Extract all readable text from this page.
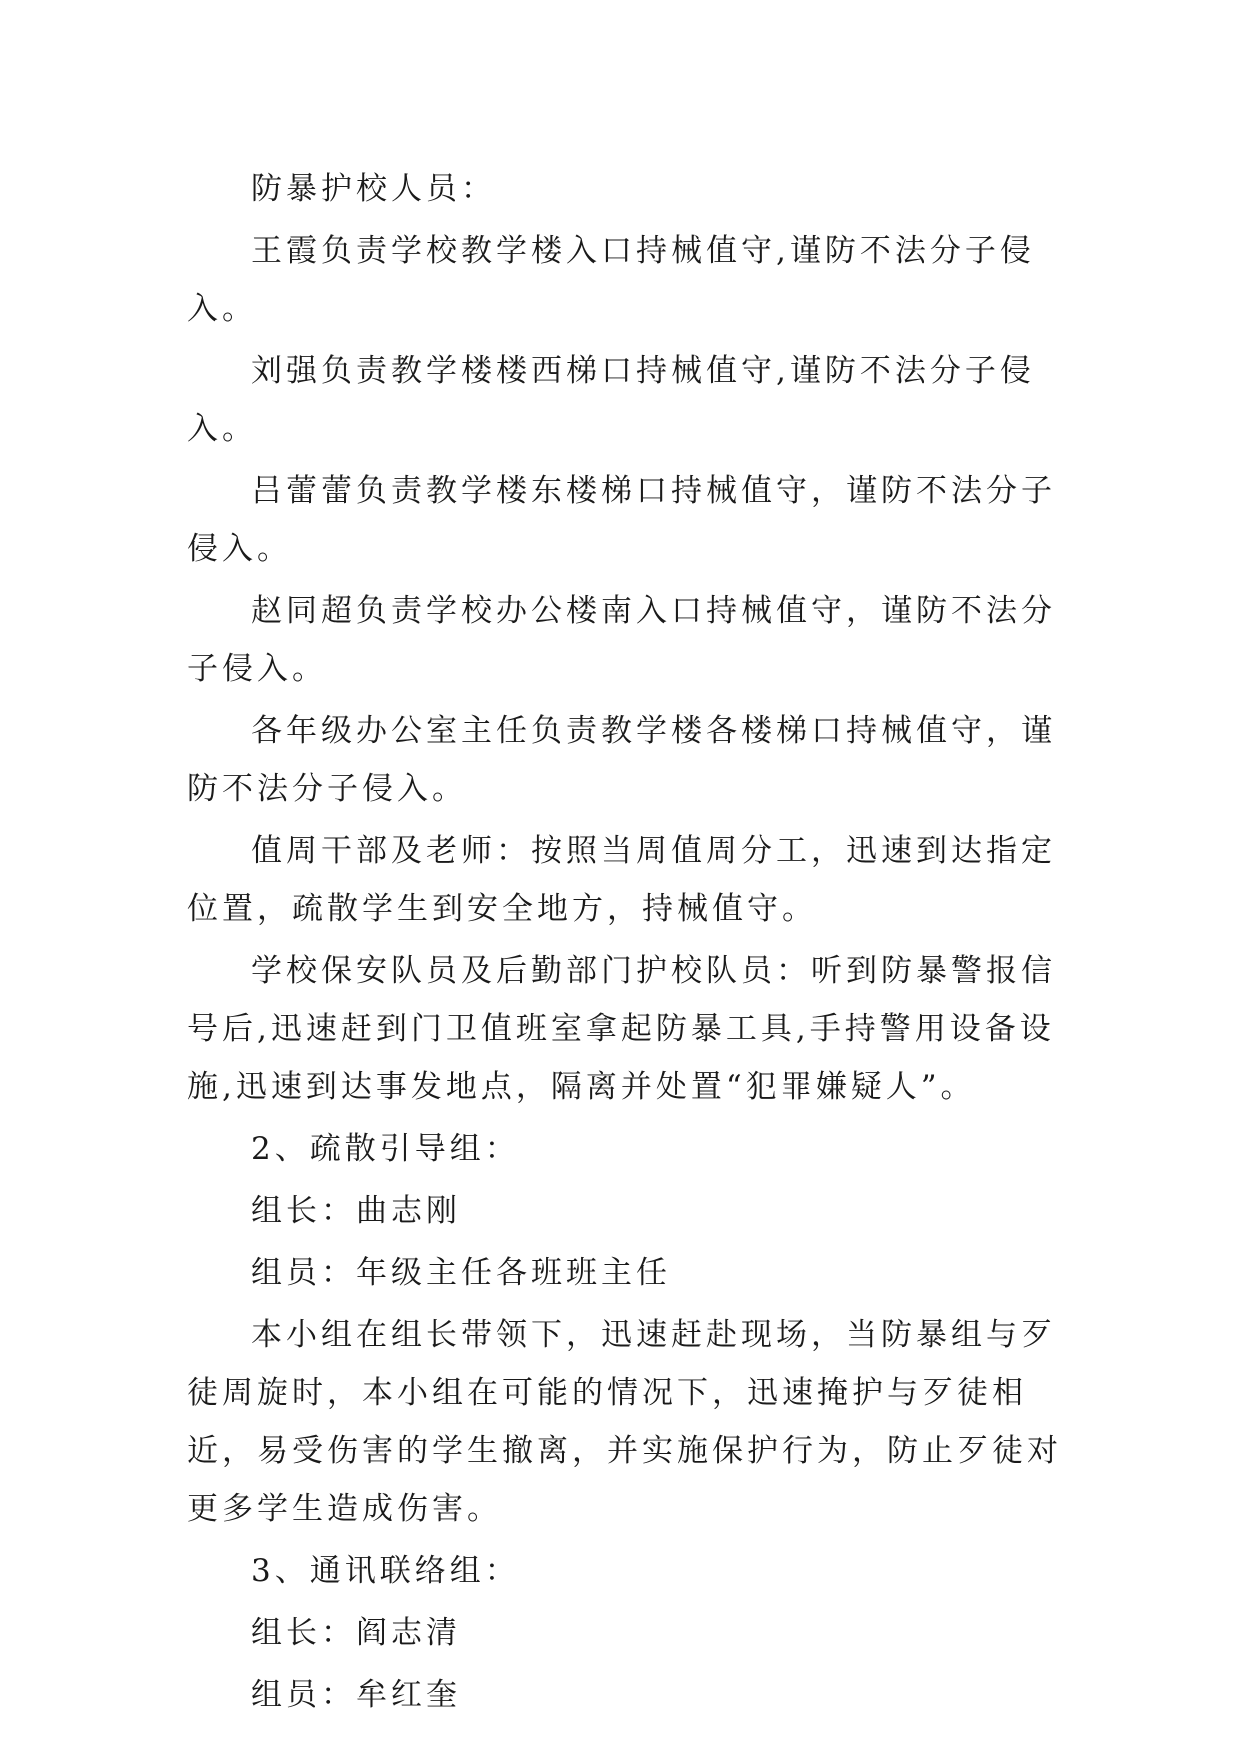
防暴护校人员：

王霞负责学校教学楼入口持械值守,谨防不法分子侵入。

刘强负责教学楼楼西梯口持械值守,谨防不法分子侵入。

吕蕾蕾负责教学楼东楼梯口持械值守，谨防不法分子侵入。

赵同超负责学校办公楼南入口持械值守，谨防不法分子侵入。

各年级办公室主任负责教学楼各楼梯口持械值守，谨防不法分子侵入。

值周干部及老师：按照当周值周分工，迅速到达指定位置，疏散学生到安全地方，持械值守。

学校保安队员及后勤部门护校队员：听到防暴警报信号后,迅速赶到门卫值班室拿起防暴工具,手持警用设备设施,迅速到达事发地点，隔离并处置“犯罪嫌疑人”。

2、疏散引导组：

组长：曲志刚

组员：年级主任各班班主任

本小组在组长带领下，迅速赶赴现场，当防暴组与歹徒周旋时，本小组在可能的情况下，迅速掩护与歹徒相近，易受伤害的学生撤离，并实施保护行为，防止歹徒对更多学生造成伤害。

3、通讯联络组：

组长：阎志清

组员：牟红奎
